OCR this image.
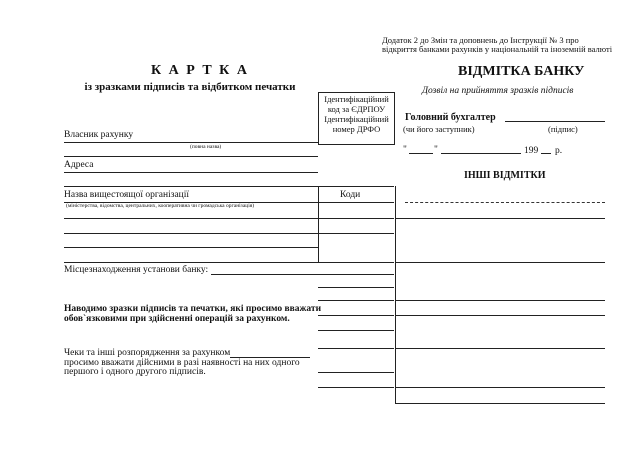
Додаток 2 до Змін та доповнень до Інструкції № 3 про
відкриття банками рахунків у національній та іноземній валюті
К А Р Т К А
із зразками підписів та відбитком печатки
Ідентифікаційний
код за ЄДРПОУ
Ідентифікаційний
номер ДРФО
Власник рахунку
(повна назва)
Адреса
Назва вищестоящої організації	Коди
(міністерства, відомства, центральних, кооперативна чи громадська організація)
Місцезнаходження установи банку:
Наводимо зразки підписів та печатки, які просимо вважати
обов`язковими при здійсненні операцій за рахунком.
Чеки та інші розпорядження за рахунком
просимо вважати дійсними в разі наявності на них одного
першого і одного другого підписів.
ВІДМІТКА БАНКУ
Дозвіл на прийняття зразків підписів
Головний бухгалтер
(чи його заступник)	(підпис)
"	"	199 р.
ІНШІ ВІДМІТКИ
